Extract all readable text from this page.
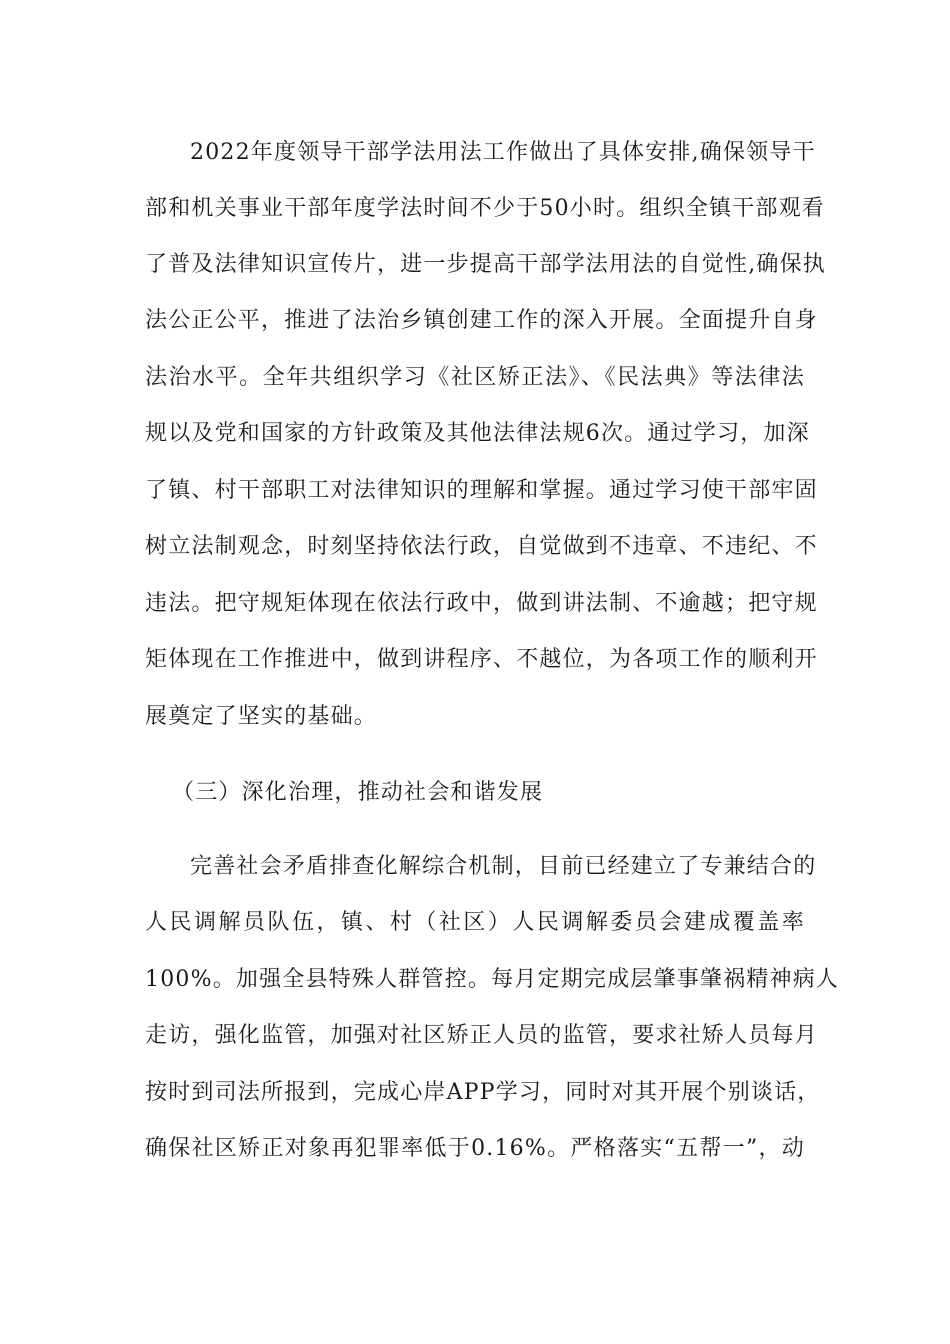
2022年度领导干部学法用法工作做出了具体安排,确保领导干
部和机关事业干部年度学法时间不少于50小时。组织全镇干部观看
了普及法律知识宣传片，进一步提高干部学法用法的自觉性,确保执
法公正公平，推进了法治乡镇创建工作的深入开展。全面提升自身
法治水平。全年共组织学习《社区矫正法》、《民法典》等法律法
规以及党和国家的方针政策及其他法律法规6次。通过学习，加深
了镇、村干部职工对法律知识的理解和掌握。通过学习使干部牢固
树立法制观念，时刻坚持依法行政，自觉做到不违章、不违纪、不
违法。把守规矩体现在依法行政中，做到讲法制、不逾越；把守规
矩体现在工作推进中，做到讲程序、不越位，为各项工作的顺利开
展奠定了坚实的基础。
（三）深化治理，推动社会和谐发展
完善社会矛盾排查化解综合机制，目前已经建立了专兼结合的
人民调解员队伍，镇、村（社区）人民调解委员会建成覆盖率
100%。加强全县特殊人群管控。每月定期完成层肇事肇祸精神病人
走访，强化监管，加强对社区矫正人员的监管，要求社矫人员每月
按时到司法所报到，完成心岸APP学习，同时对其开展个别谈话，
确保社区矫正对象再犯罪率低于0.16%。严格落实“五帮一”，动
